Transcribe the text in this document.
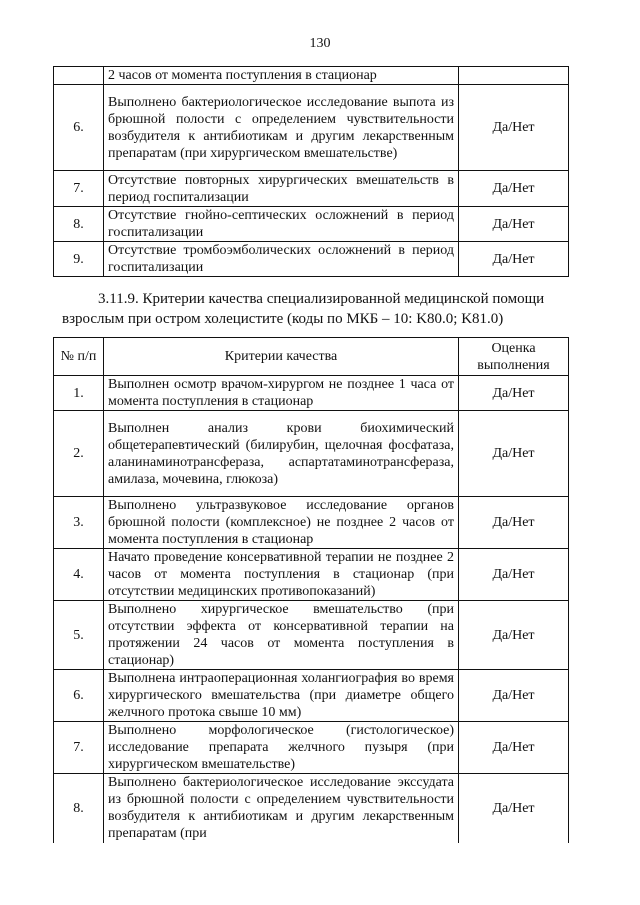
130
	2 часов от момента поступления в стационар	
6.	Выполнено бактериологическое исследование выпота из брюшной полости с определением чувствительности возбудителя к антибиотикам и другим лекарственным препаратам (при хирургическом вмешательстве)	Да/Нет
7.	Отсутствие повторных хирургических вмешательств в период госпитализации	Да/Нет
8.	Отсутствие гнойно-септических осложнений в период госпитализации	Да/Нет
9.	Отсутствие тромбоэмболических осложнений в период госпитализации	Да/Нет
3.11.9. Критерии качества специализированной медицинской помощи
взрослым при остром холецистите (коды по МКБ – 10: K80.0; K81.0)
№ п/п	Критерии качества	Оценка выполнения
1.	Выполнен осмотр врачом-хирургом не позднее 1 часа от момента поступления в стационар	Да/Нет
2.	Выполнен анализ крови биохимический общетерапевтический (билирубин, щелочная фосфатаза, аланинаминотрансфераза, аспартатаминотрансфераза, амилаза, мочевина, глюкоза)	Да/Нет
3.	Выполнено ультразвуковое исследование органов брюшной полости (комплексное) не позднее 2 часов от момента поступления в стационар	Да/Нет
4.	Начато проведение консервативной терапии не позднее 2 часов от момента поступления в стационар (при отсутствии медицинских противопоказаний)	Да/Нет
5.	Выполнено хирургическое вмешательство (при отсутствии эффекта от консервативной терапии на протяжении 24 часов от момента поступления в стационар)	Да/Нет
6.	Выполнена интраоперационная холангиография во время хирургического вмешательства (при диаметре общего желчного протока свыше 10 мм)	Да/Нет
7.	Выполнено морфологическое (гистологическое) исследование препарата желчного пузыря (при хирургическом вмешательстве)	Да/Нет
8.	Выполнено бактериологическое исследование экссудата из брюшной полости с определением чувствительности возбудителя к антибиотикам и другим лекарственным препаратам (при	Да/Нет
